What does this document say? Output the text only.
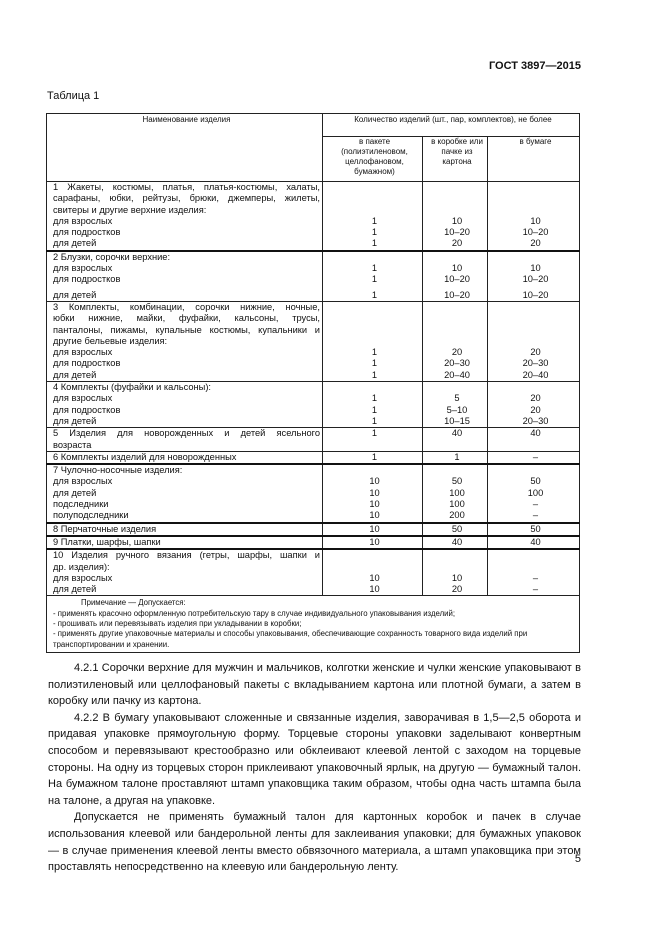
ГОСТ 3897—2015
Таблица 1
Наименование изделия	Количество изделий (шт., пар, комплектов), не более		
	в пакете (полиэтиленовом, целлофановом, бумажном)	в коробке или пачке из картона	в бумаге
1 Жакеты, костюмы, платья, платья-костюмы, халаты,			
сарафаны, юбки, рейтузы, брюки, джемперы, жилеты,			
свитеры и другие верхние изделия:			
для взрослых	1	10	10
для подростков	1	10–20	10–20
для детей	1	20	20
2 Блузки, сорочки верхние:			
для взрослых	1	10	10
для подростков	1	10–20	10–20

для детей	1	10–20	10–20
3 Комплекты, комбинации, сорочки нижние, ночные,			
юбки нижние, майки, фуфайки, кальсоны, трусы,			
панталоны, пижамы, купальные костюмы, купальники и			
другие бельевые изделия:			
для взрослых	1	20	20
для подростков	1	20–30	20–30
для детей	1	20–40	20–40
4 Комплекты (фуфайки и кальсоны):			
для взрослых	1	5	20
для подростков	1	5–10	20
для детей	1	10–15	20–30
5 Изделия для новорожденных и детей ясельного	1	40	40
возраста			
6 Комплекты изделий для новорожденных	1	1	–
7 Чулочно-носочные изделия:			
для взрослых	10	50	50
для детей	10	100	100
подследники	10	100	–
полуподследники	10	200	–
8 Перчаточные изделия	10	50	50
9 Платки, шарфы, шапки	10	40	40
10 Изделия ручного вязания (гетры, шарфы, шапки и			
др. изделия):			
для взрослых	10	10	–
для детей	10	20	–

Примечание — Допускается:
- применять красочно оформленную потребительскую тару в случае индивидуального упаковывания изделий;
- прошивать или перевязывать изделия при укладывании в коробки;
- применять другие упаковочные материалы и способы упаковывания, обеспечивающие сохранность товарного вида изделий при транспортировании и хранении.			

4.2.1 Сорочки верхние для мужчин и мальчиков, колготки женские и чулки женские упаковывают в полиэтиленовый или целлофановый пакеты с вкладыванием картона или плотной бумаги, а затем в коробку или пачку из картона.

4.2.2 В бумагу упаковывают сложенные и связанные изделия, заворачивая в 1,5—2,5 оборота и придавая упаковке прямоугольную форму. Торцевые стороны упаковки заделывают конвертным способом и перевязывают крестообразно или обклеивают клеевой лентой с заходом на торцевые стороны. На одну из торцевых сторон приклеивают упаковочный ярлык, на другую — бумажный талон. На бумажном талоне проставляют штамп упаковщика таким образом, чтобы одна часть штампа была на талоне, а другая на упаковке.

Допускается не применять бумажный талон для картонных коробок и пачек в случае использования клеевой или бандерольной ленты для заклеивания упаковки; для бумажных упаковок — в случае применения клеевой ленты вместо обвязочного материала, а штамп упаковщика при этом проставлять непосредственно на клеевую или бандерольную ленту.

5
